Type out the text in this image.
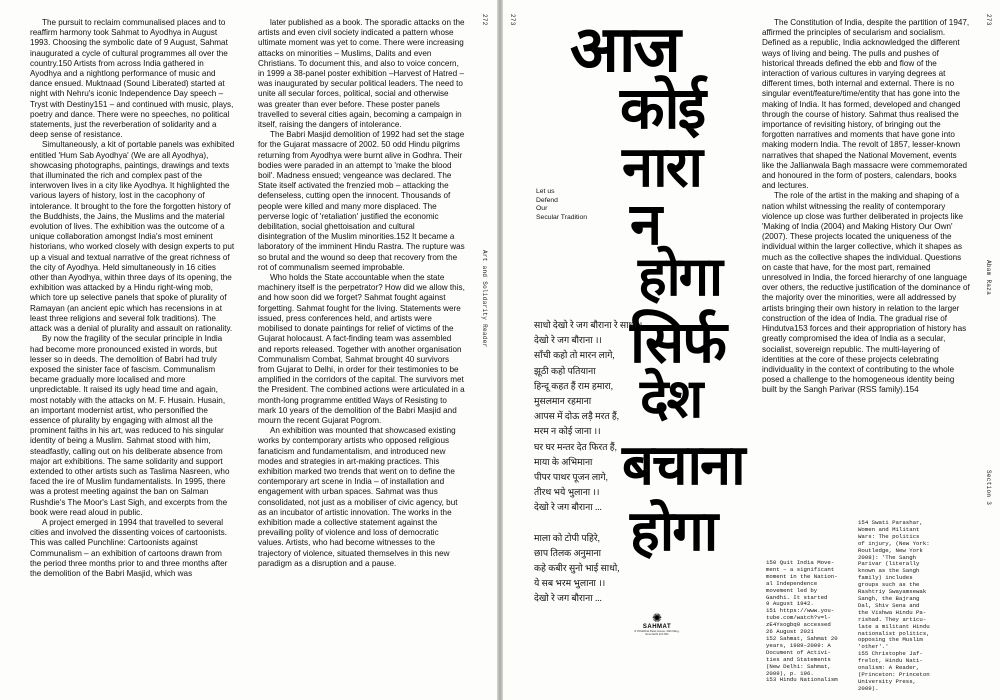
The pursuit to reclaim communalised places and to reaffirm harmony took Sahmat to Ayodhya in August 1993. Choosing the symbolic date of 9 August, Sahmat inaugurated a cycle of cultural programmes all over the country.150 Artists from across India gathered in Ayodhya and a nightlong performance of music and dance ensued. Muktnaad (Sound Liberated) started at night with Nehru's iconic Independence Day speech – Tryst with Destiny151 – and continued with music, plays, poetry and dance. There were no speeches, no political statements, just the reverberation of solidarity and a deep sense of resistance.

Simultaneously, a kit of portable panels was exhibited entitled 'Hum Sab Ayodhya' (We are all Ayodhya), showcasing photographs, paintings, drawings and texts that illuminated the rich and complex past of the interwoven lives in a city like Ayodhya. It highlighted the various layers of history, lost in the cacophony of intolerance. It brought to the fore the forgotten history of the Buddhists, the Jains, the Muslims and the material evolution of lives. The exhibition was the outcome of a unique collaboration amongst India's most eminent historians, who worked closely with design experts to put up a visual and textual narrative of the great richness of the city of Ayodhya. Held simultaneously in 16 cities other than Ayodhya, within three days of its opening, the exhibition was attacked by a Hindu right-wing mob, which tore up selective panels that spoke of plurality of Ramayan (an ancient epic which has recensions in at least three religions and several folk traditions). The attack was a denial of plurality and assault on rationality.

By now the fragility of the secular principle in India had become more pronounced existed in words, but lesser so in deeds. The demolition of Babri had truly exposed the sinister face of fascism. Communalism became gradually more localised and more unpredictable. It raised its ugly head time and again, most notably with the attacks on M. F. Husain. Husain, an important modernist artist, who personified the essence of plurality by engaging with almost all the prominent faiths in his art, was reduced to his singular identity of being a Muslim. Sahmat stood with him, steadfastly, calling out on his deliberate absence from major art exhibitions. The same solidarity and support extended to other artists such as Taslima Nasreen, who faced the ire of Muslim fundamentalists. In 1995, there was a protest meeting against the ban on Salman Rushdie's The Moor's Last Sigh, and excerpts from the book were read aloud in public.

A project emerged in 1994 that travelled to several cities and involved the dissenting voices of cartoonists. This was called Punchline: Cartoonists against Communalism – an exhibition of cartoons drawn from the period three months prior to and three months after the demolition of the Babri Masjid, which was

later published as a book. The sporadic attacks on the artists and even civil society indicated a pattern whose ultimate moment was yet to come. There were increasing attacks on minorities – Muslims, Dalits and even Christians. To document this, and also to voice concern, in 1999 a 38-panel poster exhibition –Harvest of Hatred – was inaugurated by secular political leaders. The need to unite all secular forces, political, social and otherwise was greater than ever before. These poster panels travelled to several cities again, becoming a campaign in itself, raising the dangers of intolerance.

The Babri Masjid demolition of 1992 had set the stage for the Gujarat massacre of 2002. 50 odd Hindu pilgrims returning from Ayodhya were burnt alive in Godhra. Their bodies were paraded in an attempt to 'make the blood boil'. Madness ensued; vengeance was declared. The State itself activated the frenzied mob – attacking the defenseless, cutting open the innocent. Thousands of people were killed and many more displaced. The perverse logic of 'retaliation' justified the economic debilitation, social ghettoisation and cultural disintegration of the Muslim minorities.152 It became a laboratory of the imminent Hindu Rastra. The rupture was so brutal and the wound so deep that recovery from the rot of communalism seemed improbable.

Who holds the State accountable when the state machinery itself is the perpetrator? How did we allow this, and how soon did we forget? Sahmat fought against forgetting. Sahmat fought for the living. Statements were issued, press conferences held, and artists were mobilised to donate paintings for relief of victims of the Gujarat holocaust. A fact-finding team was assembled and reports released. Together with another organisation Communalism Combat, Sahmat brought 40 survivors from Gujarat to Delhi, in order for their testimonies to be amplified in the corridors of the capital. The survivors met the President. The combined actions were articulated in a month-long programme entitled Ways of Resisting to mark 10 years of the demolition of the Babri Masjid and mourn the recent Gujarat Pogrom.

An exhibition was mounted that showcased existing works by contemporary artists who opposed religious fanaticism and fundamentalism, and introduced new modes and strategies in art-making practices. This exhibition marked two trends that went on to define the contemporary art scene in India – of installation and engagement with urban spaces. Sahmat was thus consolidated, not just as a mobiliser of civic agency, but as an incubator of artistic innovation. The works in the exhibition made a collective statement against the prevailing polity of violence and loss of democratic values. Artists, who had become witnesses to the trajectory of violence, situated themselves in this new paradigm as a disruption and a pause.

272
Art and Solidarity Reader
273 आज
कोई
नारा
न
होगा
सिर्फ
देश
बचाना
होगा
Let us
Defend
Our
Secular Tradition
साधो देखो रे जग बौराना रे साधो ।
देखो रे जग बौराना ।।
साँची कहो तो मारन लागे,
झूठी कहो पतियाना
हिन्दू कहत हैं राम हमारा,
मुसलमान रहमाना
आपस में दोऊ लड़ै मरत हैं,
मरम न कोई जाना ।।
घर घर मन्तर देत फिरत हैं,
माया के अभिमाना
पीपर पाथर पूजन लागे,
तीरथ भये भुलाना ।।
देखो रे जग बौराना ...
माला को टोपी पहिरे,
छाप तिलक अनुमाना
कहे कबीर सुनो भाई साधो,
ये सब भरम भुलाना ।।
देखो रे जग बौराना ...
✺
SAHMAT
8 Vithalbhai Patel House, Rafi Marg, New Delhi 110 001

The Constitution of India, despite the partition of 1947, affirmed the principles of secularism and socialism. Defined as a republic, India acknowledged the different ways of living and being. The pulls and pushes of historical threads defined the ebb and flow of the interaction of various cultures in varying degrees at different times, both internal and external. There is no singular event/feature/time/entity that has gone into the making of India. It has formed, developed and changed through the course of history. Sahmat thus realised the importance of revisiting history, of bringing out the forgotten narratives and moments that have gone into making modern India. The revolt of 1857, lesser-known narratives that shaped the National Movement, events like the Jallianwala Bagh massacre were commemorated and honoured in the form of posters, calendars, books and lectures.

The role of the artist in the making and shaping of a nation whilst witnessing the reality of contemporary violence up close was further deliberated in projects like 'Making of India (2004) and Making History Our Own' (2007). These projects located the uniqueness of the individual within the larger collective, which it shapes as much as the collective shapes the individual. Questions on caste that have, for the most part, remained unresolved in India, the forced hierarchy of one language over others, the reductive justification of the dominance of the majority over the minorities, were all addressed by artists bringing their own history in relation to the larger construction of the idea of India. The gradual rise of Hindutva153 forces and their appropriation of history has greatly compromised the idea of India as a secular, socialist, sovereign republic. The multi-layering of identities at the core of these projects celebrating individuality in the context of contributing to the whole posed a challenge to the homogeneous identity being built by the Sangh Parivar (RSS family).154

273
Abam Raza
Section 3
150 Quit India Move-
ment – a significant
moment in the Nation-
al Independence
movement led by
Gandhi. It started
9 August 1942.
151 https://www.you-
tube.com/watch?v=l-
zE4Ysogbq0 accessed
26 August 2021
152 Sahmat, Sahmat 20
years, 1989–2009: A
Document of Activi-
ties and Statements
(New Delhi: Sahmat,
2009), p. 196.
153 Hindu Nationalism
154 Swati Parashar,
Women and Militant
Wars: The politics
of injury, (New York:
Routledge, New York
2008): 'The Sangh
Parivar (literally
known as the Sangh
family) includes
groups such as the
Rashtriy Swayamsewak
Sangh, the Bajrang
Dal, Shiv Sena and
the Vishwa Hindu Pa-
rishad. They articu-
late a militant Hindu
nationalist politics,
opposing the Muslim
'other'.'
155 Christophe Jaf-
frelot, Hindu Nati-
onalism: A Reader,
(Princeton: Princeton
University Press,
2009).
